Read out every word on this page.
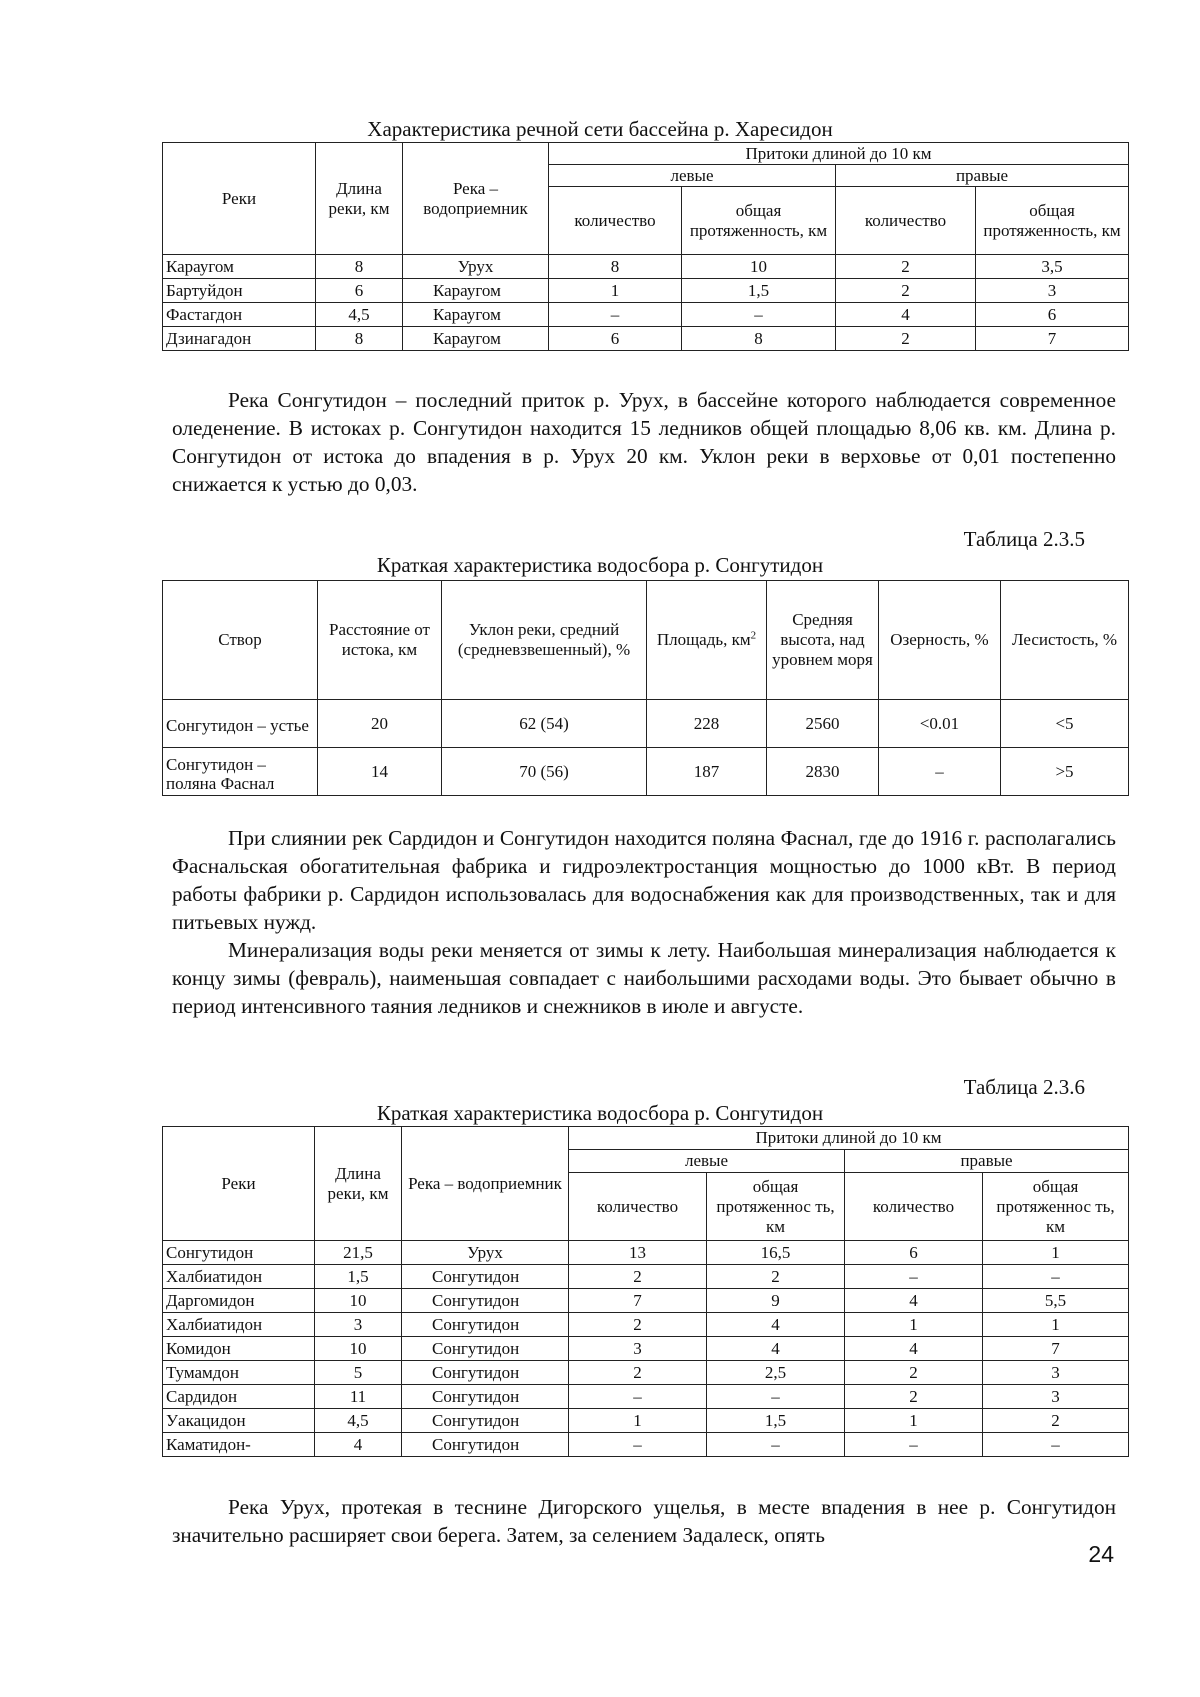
Характеристика речной сети бассейна р. Харесидон
Реки	Длина реки, км	Река – водоприемник	Притоки длиной до 10 км			
			левые		правые	
			количество	общая протяженность, км	количество	общая протяженность, км
Караугом	8	Урух	8	10	2	3,5
Бартуйдон	6	Караугом	1	1,5	2	3
Фастагдон	4,5	Караугом	–	–	4	6
Дзинагадон	8	Караугом	6	8	2	7

Река Сонгутидон – последний приток р. Урух, в бассейне которого наблюдается современное оледенение. В истоках р. Сонгутидон находится 15 ледников общей площадью 8,06 кв. км. Длина р. Сонгутидон от истока до впадения в р. Урух 20 км. Уклон реки в верховье от 0,01 постепенно снижается к устью до 0,03.

Таблица 2.3.5
Краткая характеристика водосбора р. Сонгутидон
Створ	Расстояние от истока, км	Уклон реки, средний (средневзвешенный), %	Площадь, $км^2$	Средняя высота, над уровнем моря	Озерность, %	Лесистость, %
Сонгутидон – устье	20	62 (54)	228	2560	<0.01	<5
Сонгутидон – поляна Фаснал	14	70 (56)	187	2830	–	>5

При слиянии рек Сардидон и Сонгутидон находится поляна Фаснал, где до 1916 г. располагались Фаснальская обогатительная фабрика и гидроэлектростанция мощностью до 1000 кВт. В период работы фабрики р. Сардидон использовалась для водоснабжения как для производственных, так и для питьевых нужд.

Минерализация воды реки меняется от зимы к лету. Наибольшая минерализация наблюдается к концу зимы (февраль), наименьшая совпадает с наибольшими расходами воды. Это бывает обычно в период интенсивного таяния ледников и снежников в июле и августе.

Таблица 2.3.6
Краткая характеристика водосбора р. Сонгутидон
Реки	Длина реки, км	Река – водоприемник	Притоки длиной до 10 км			
			левые		правые	
			количество	общая протяженнос ть, км	количество	общая протяженнос ть, км
Сонгутидон	21,5	Урух	13	16,5	6	1
Халбиатидон	1,5	Сонгутидон	2	2	–	–
Даргомидон	10	Сонгутидон	7	9	4	5,5
Халбиатидон	3	Сонгутидон	2	4	1	1
Комидон	10	Сонгутидон	3	4	4	7
Тумамдон	5	Сонгутидон	2	2,5	2	3
Сардидон	11	Сонгутидон	–	–	2	3
Уакацидон	4,5	Сонгутидон	1	1,5	1	2
Каматидон-	4	Сонгутидон	–	–	–	–

Река Урух, протекая в теснине Дигорского ущелья, в месте впадения в нее р. Сонгутидон значительно расширяет свои берега. Затем, за селением Задалеск, опять

24
